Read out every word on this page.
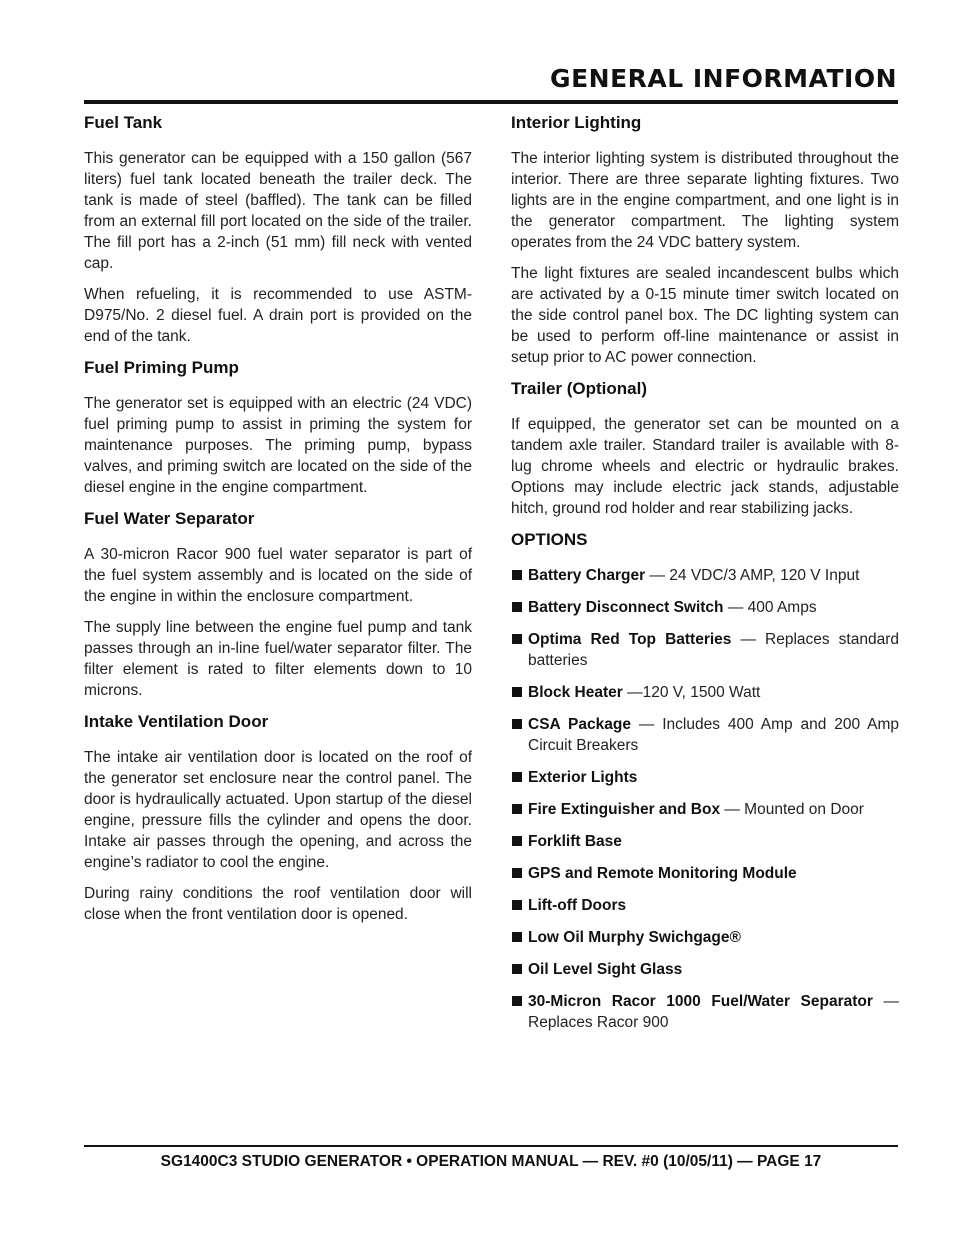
GENERAL INFORMATION
Fuel Tank

This generator can be equipped with a 150 gallon (567 liters) fuel tank located beneath the trailer deck. The tank is made of steel (baffled). The tank can be filled from an external fill port located on the side of the trailer. The fill port has a 2-inch (51 mm) fill neck with vented cap.

When refueling, it is recommended to use ASTM-D975/No. 2 diesel fuel. A drain port is provided on the end of the tank.

Fuel Priming Pump

The generator set is equipped with an electric (24 VDC) fuel priming pump to assist in priming the system for maintenance purposes. The priming pump, bypass valves, and priming switch are located on the side of the diesel engine in the engine compartment.

Fuel Water Separator

A 30-micron Racor 900 fuel water separator is part of the fuel system assembly and is located on the side of the engine in within the enclosure compartment.

The supply line between the engine fuel pump and tank passes through an in-line fuel/water separator filter. The filter element is rated to filter elements down to 10 microns.

Intake Ventilation Door

The intake air ventilation door is located on the roof of the generator set enclosure near the control panel. The door is hydraulically actuated. Upon startup of the diesel engine, pressure fills the cylinder and opens the door. Intake air passes through the opening, and across the engine’s radiator to cool the engine.

During rainy conditions the roof ventilation door will close when the front ventilation door is opened.

Interior Lighting

The interior lighting system is distributed throughout the interior. There are three separate lighting fixtures. Two lights are in the engine compartment, and one light is in the generator compartment. The lighting system operates from the 24 VDC battery system.

The light fixtures are sealed incandescent bulbs which are activated by a 0-15 minute timer switch located on the side control panel box. The DC lighting system can be used to perform off-line maintenance or assist in setup prior to AC power connection.

Trailer (Optional)

If equipped, the generator set can be mounted on a tandem axle trailer. Standard trailer is available with 8-lug chrome wheels and electric or hydraulic brakes. Options may include electric jack stands, adjustable hitch, ground rod holder and rear stabilizing jacks.

OPTIONS
Battery Charger — 24 VDC/3 AMP, 120 V Input
Battery Disconnect Switch — 400 Amps
Optima Red Top Batteries — Replaces standard batteries
Block Heater —120 V, 1500 Watt
CSA Package — Includes 400 Amp and 200 Amp Circuit Breakers
Exterior Lights
Fire Extinguisher and Box — Mounted on Door
Forklift Base
GPS and Remote Monitoring Module
Lift-off Doors
Low Oil Murphy Swichgage®
Oil Level Sight Glass
30-Micron Racor 1000 Fuel/Water Separator — Replaces Racor 900
SG1400C3 STUDIO GENERATOR • OPERATION MANUAL — REV. #0 (10/05/11) — PAGE 17
